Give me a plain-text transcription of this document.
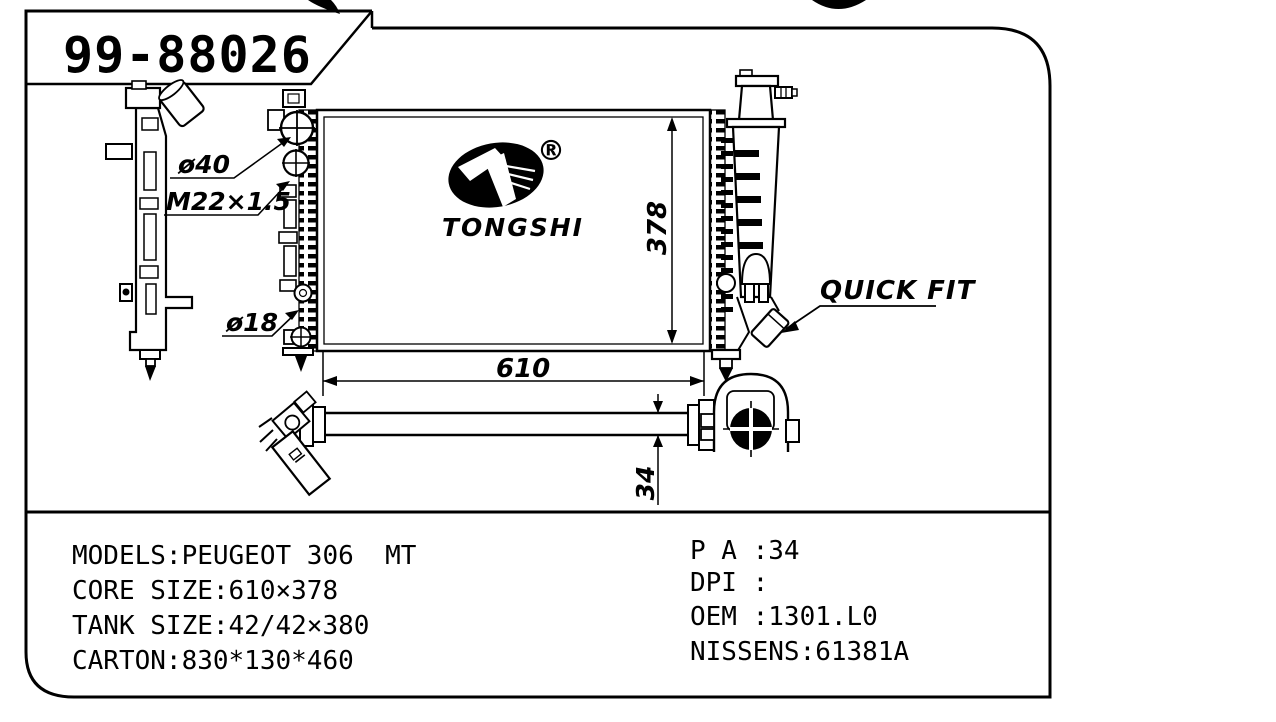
99-88026
®
TONGSHI
ø40
M22×1.5
ø18
QUICK FIT
378
610
34
MODELS:PEUGEOT 306  MT
CORE SIZE:610×378
TANK SIZE:42/42×380
CARTON:830*130*460
P A :34
DPI :
OEM :1301.L0
NISSENS:61381A
